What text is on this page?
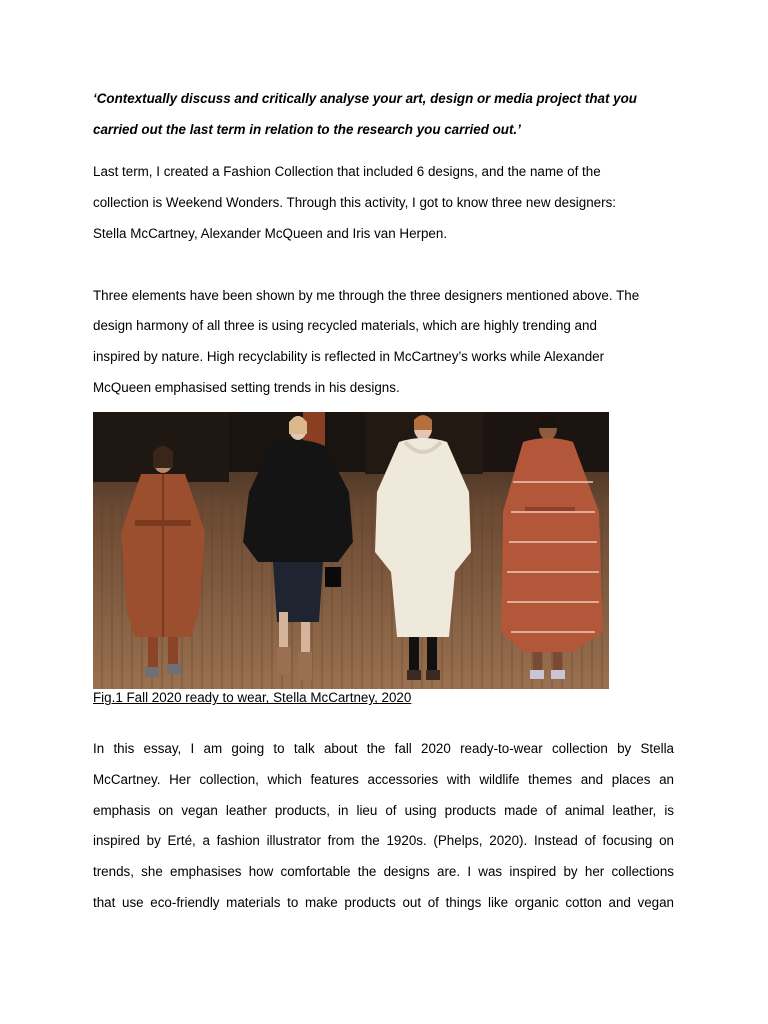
‘Contextually discuss and critically analyse your art, design or media project that you

carried out the last term in relation to the research you carried out.’

Last term, I created a Fashion Collection that included 6 designs, and the name of the

collection is Weekend Wonders. Through this activity, I got to know three new designers:

Stella McCartney, Alexander McQueen and Iris van Herpen.

Three elements have been shown by me through the three designers mentioned above. The

design harmony of all three is using recycled materials, which are highly trending and

inspired by nature. High recyclability is reflected in McCartney’s works while Alexander

McQueen emphasised setting trends in his designs.

Fig.1 Fall 2020 ready to wear, Stella McCartney, 2020

In this essay, I am going to talk about the fall 2020 ready-to-wear collection by Stella

McCartney. Her collection, which features accessories with wildlife themes and places an

emphasis on vegan leather products, in lieu of using products made of animal leather, is

inspired by Erté, a fashion illustrator from the 1920s. (Phelps, 2020). Instead of focusing on

trends, she emphasises how comfortable the designs are. I was inspired by her collections

that use eco-friendly materials to make products out of things like organic cotton and vegan
